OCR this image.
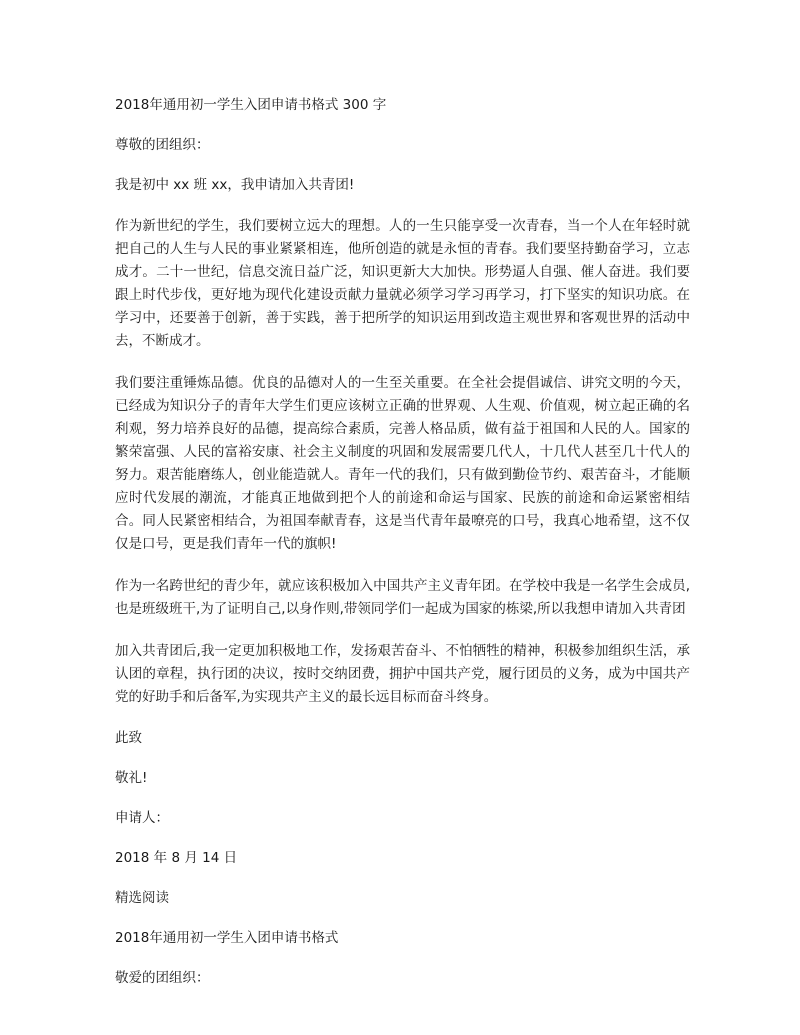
2018年通用初一学生入团申请书格式 300 字

尊敬的团组织：

我是初中 xx 班 xx，我申请加入共青团!

作为新世纪的学生，我们要树立远大的理想。人的一生只能享受一次青春，当一个人在年轻时就把自己的人生与人民的事业紧紧相连，他所创造的就是永恒的青春。我们要坚持勤奋学习，立志成才。二十一世纪，信息交流日益广泛，知识更新大大加快。形势逼人自强、催人奋进。我们要跟上时代步伐，更好地为现代化建设贡献力量就必须学习学习再学习，打下坚实的知识功底。在学习中，还要善于创新，善于实践，善于把所学的知识运用到改造主观世界和客观世界的活动中去，不断成才。

我们要注重锤炼品德。优良的品德对人的一生至关重要。在全社会提倡诚信、讲究文明的今天，已经成为知识分子的青年大学生们更应该树立正确的世界观、人生观、价值观，树立起正确的名利观，努力培养良好的品德，提高综合素质，完善人格品质，做有益于祖国和人民的人。国家的繁荣富强、人民的富裕安康、社会主义制度的巩固和发展需要几代人，十几代人甚至几十代人的努力。艰苦能磨练人，创业能造就人。青年一代的我们，只有做到勤俭节约、艰苦奋斗，才能顺应时代发展的潮流，才能真正地做到把个人的前途和命运与国家、民族的前途和命运紧密相结合。同人民紧密相结合，为祖国奉献青春，这是当代青年最嘹亮的口号，我真心地希望，这不仅仅是口号，更是我们青年一代的旗帜!

作为一名跨世纪的青少年，就应该积极加入中国共产主义青年团。在学校中我是一名学生会成员,也是班级班干,为了证明自己,以身作则,带领同学们一起成为国家的栋梁,所以我想申请加入共青团

加入共青团后,我一定更加积极地工作，发扬艰苦奋斗、不怕牺牲的精神，积极参加组织生活，承认团的章程，执行团的决议，按时交纳团费，拥护中国共产党，履行团员的义务，成为中国共产党的好助手和后备军,为实现共产主义的最长远目标而奋斗终身。

此致

敬礼!

申请人：

2018 年 8 月 14 日

精选阅读

2018年通用初一学生入团申请书格式

敬爱的团组织：
